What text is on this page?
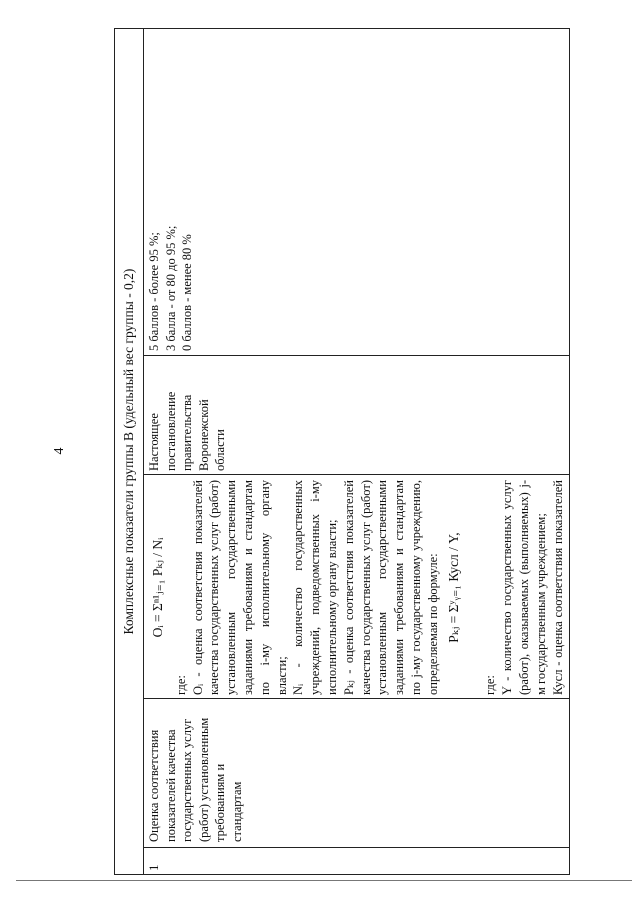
4	Комплексные показатели группы В (удельный вес группы - 0,2)
1

Оценка соответствия показателей качества государственных услуг (работ) установленным требованиям и стандартам

Оᵢ = Σⁿ¹ⱼ₌₁ Рₖⱼ / Nᵢ

где: Оᵢ - оценка соответствия показателей качества государственных услуг (работ) установленным государственными заданиями требованиям и стандартам по i-му исполнительному органу власти; Nᵢ - количество государственных учреждений, подведомственных i-му исполнительному органу власти; Рₖⱼ - оценка соответствия показателей качества государственных услуг (работ) установленным государственными заданиями требованиям и стандартам по j-му государственному учреждению, определяемая по формуле: Рₖⱼ = Σʸᵧ₌₁ Кусл / Y,

где: Y - количество государственных услуг (работ), оказываемых (выполняемых) j-м государственным учреждением; Кусл - оценка соответствия показателей

Настоящее постановление правительства Воронежской области

5 баллов - более 95 %; 3 балла - от 80 до 95 %; 0 баллов - менее 80 %
